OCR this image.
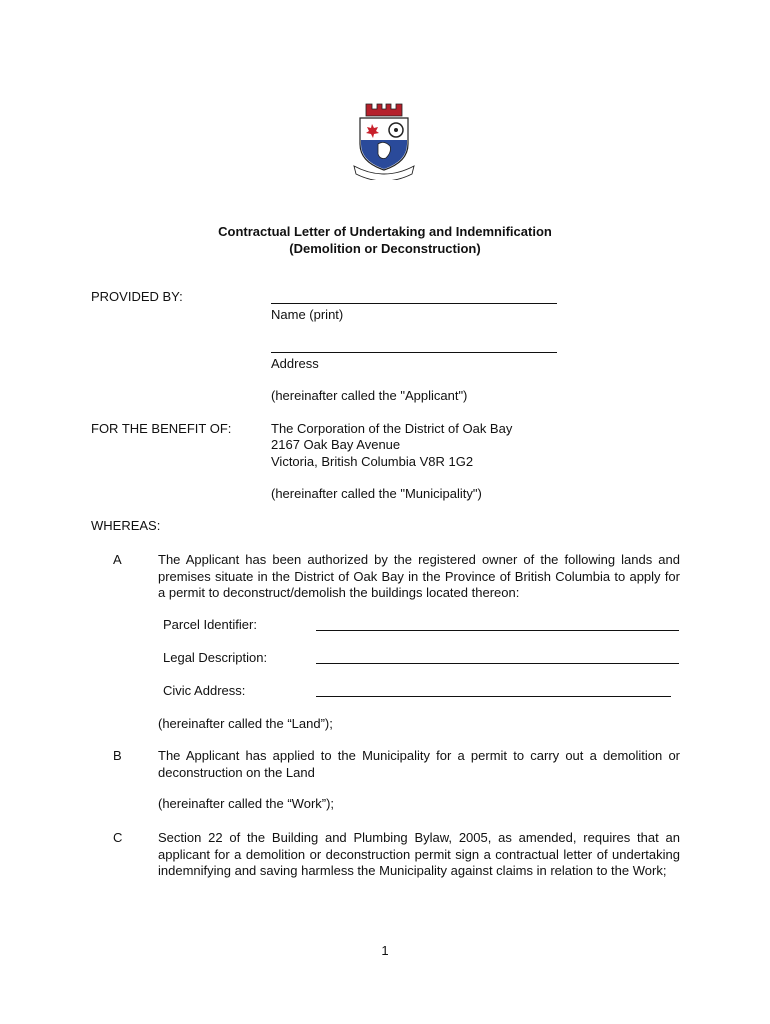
Contractual Letter of Undertaking and Indemnification
(Demolition or Deconstruction)
PROVIDED BY:
Name (print)
Address
(hereinafter called the "Applicant")
FOR THE BENEFIT OF:	The Corporation of the District of Oak Bay
2167 Oak Bay Avenue
Victoria, British Columbia V8R 1G2
(hereinafter called the "Municipality")
WHEREAS:
A	The Applicant has been authorized by the registered owner of the following lands and premises situate in the District of Oak Bay in the Province of British Columbia to apply for a permit to deconstruct/demolish the buildings located thereon:
Parcel Identifier:
Legal Description:
Civic Address:
(hereinafter called the “Land”);
B	The Applicant has applied to the Municipality for a permit to carry out a demolition or deconstruction on the Land
(hereinafter called the “Work”);
C	Section 22 of the Building and Plumbing Bylaw, 2005, as amended, requires that an applicant for a demolition or deconstruction permit sign a contractual letter of undertaking indemnifying and saving harmless the Municipality against claims in relation to the Work;
1
